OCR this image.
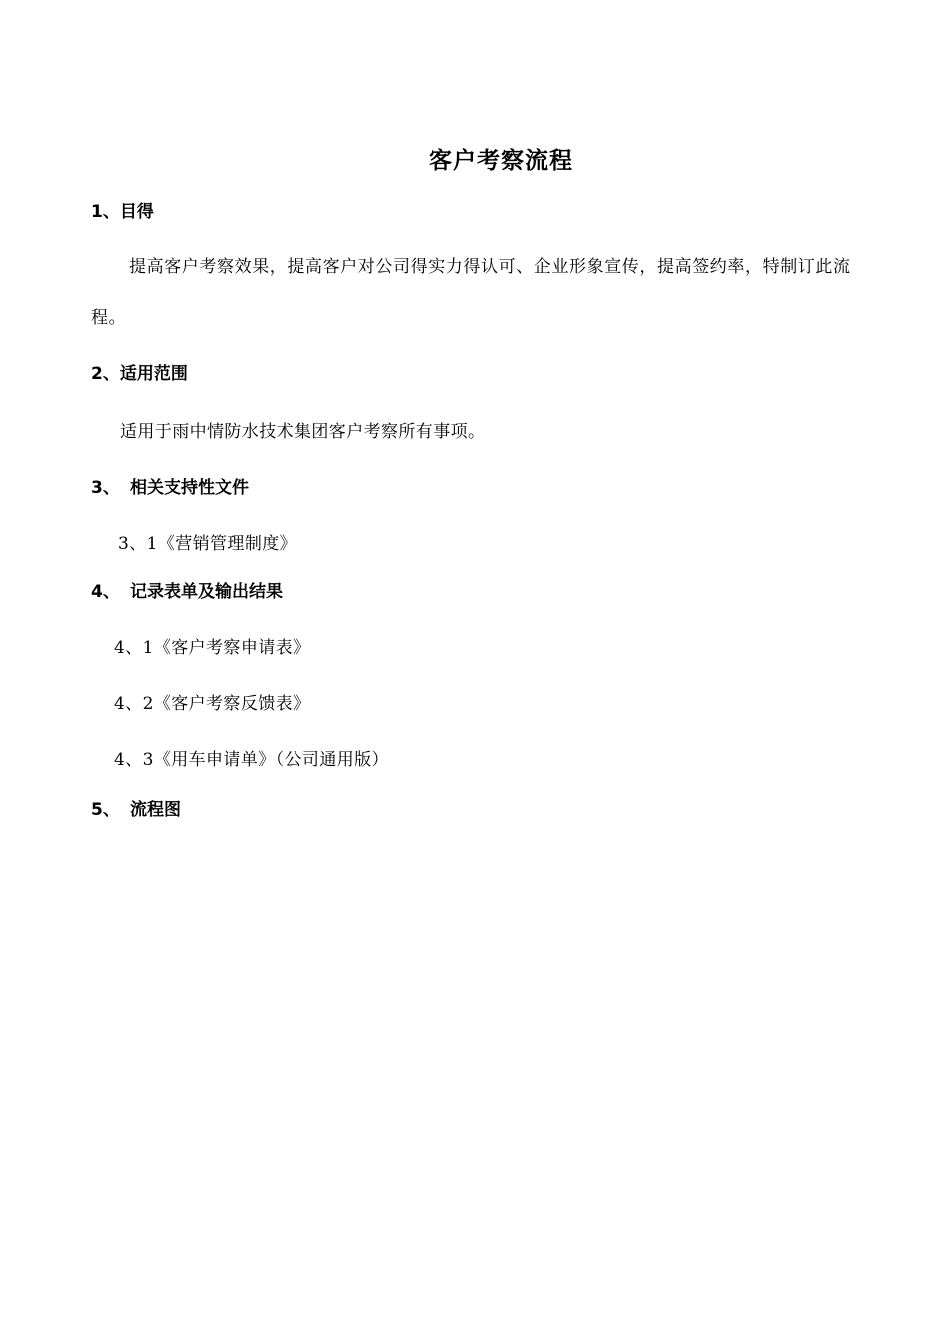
客户考察流程
1、目得
提高客户考察效果，提高客户对公司得实力得认可、企业形象宣传，提高签约率，特制订此流程。
2、适用范围
适用于雨中情防水技术集团客户考察所有事项。
3、 相关支持性文件
3、1《营销管理制度》
4、 记录表单及输出结果
4、1《客户考察申请表》
4、2《客户考察反馈表》
4、3《用车申请单》（公司通用版）
5、 流程图
